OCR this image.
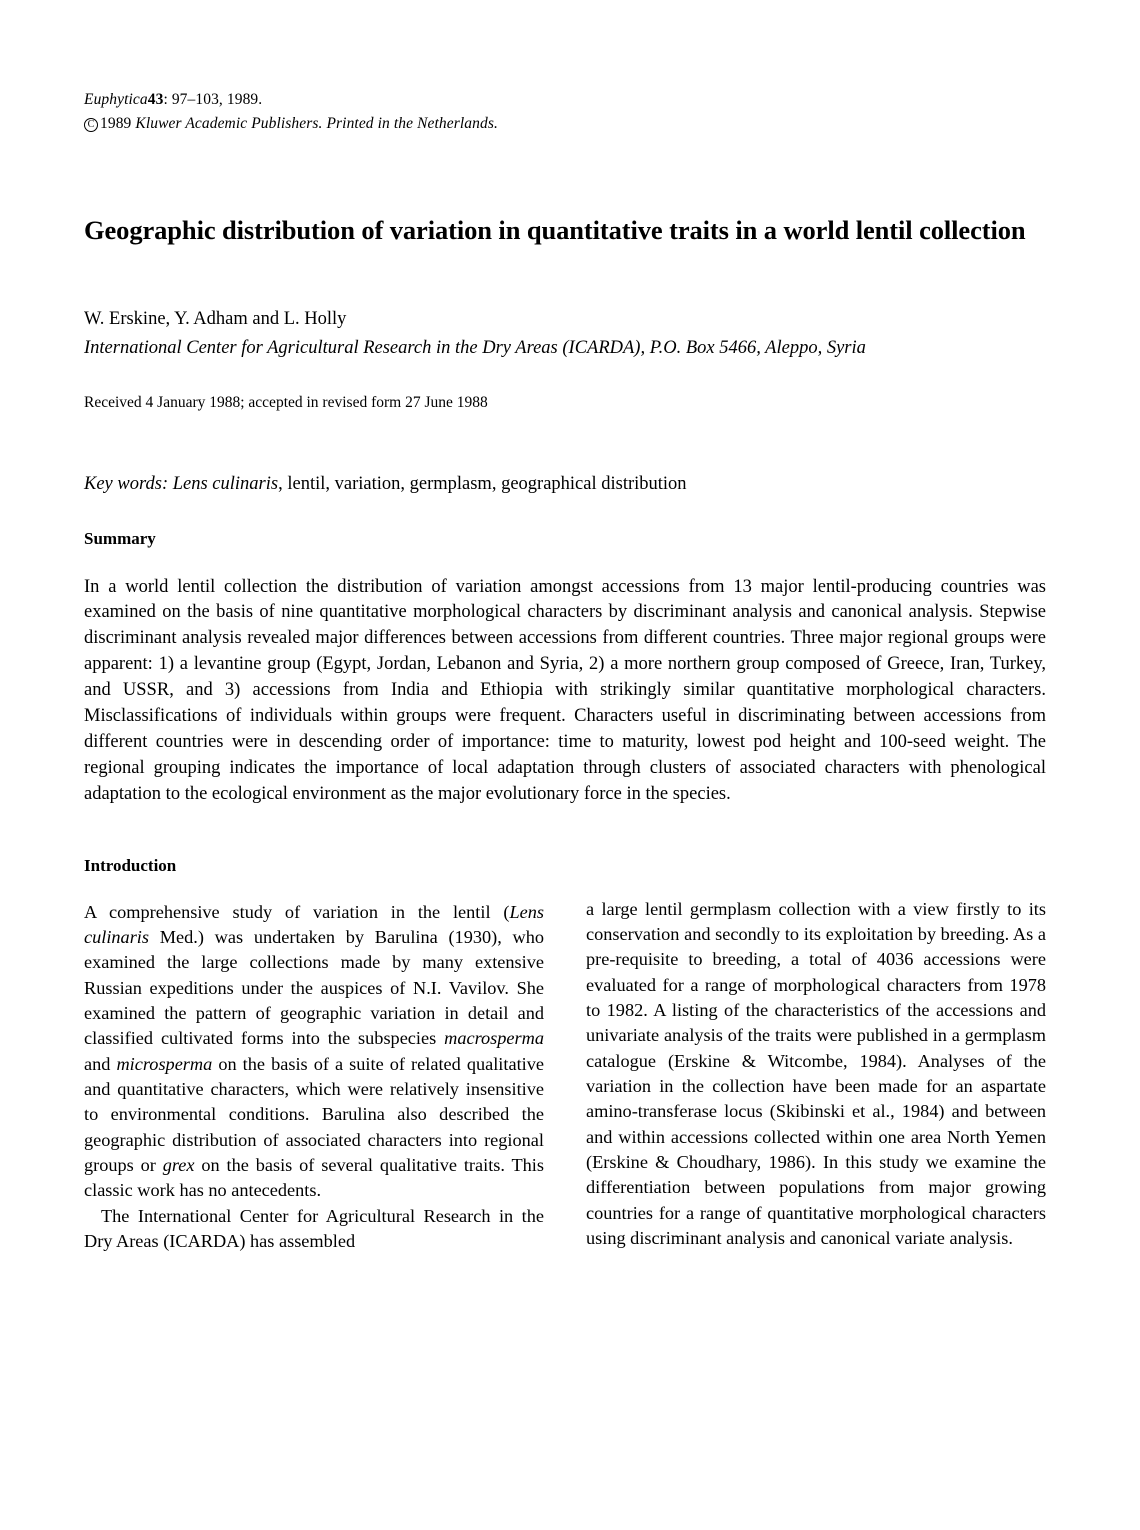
Euphytica43: 97–103, 1989.
C 1989 Kluwer Academic Publishers. Printed in the Netherlands.
Geographic distribution of variation in quantitative traits in a world lentil collection
W. Erskine, Y. Adham and L. Holly
International Center for Agricultural Research in the Dry Areas (ICARDA), P.O. Box 5466, Aleppo, Syria
Received 4 January 1988; accepted in revised form 27 June 1988
Key words: Lens culinaris, lentil, variation, germplasm, geographical distribution
Summary
In a world lentil collection the distribution of variation amongst accessions from 13 major lentil-producing countries was examined on the basis of nine quantitative morphological characters by discriminant analysis and canonical analysis. Stepwise discriminant analysis revealed major differences between accessions from different countries. Three major regional groups were apparent: 1) a levantine group (Egypt, Jordan, Lebanon and Syria, 2) a more northern group composed of Greece, Iran, Turkey, and USSR, and 3) accessions from India and Ethiopia with strikingly similar quantitative morphological characters. Misclassifications of individuals within groups were frequent. Characters useful in discriminating between accessions from different countries were in descending order of importance: time to maturity, lowest pod height and 100-seed weight. The regional grouping indicates the importance of local adaptation through clusters of associated characters with phenological adaptation to the ecological environment as the major evolutionary force in the species.
Introduction

A comprehensive study of variation in the lentil (Lens culinaris Med.) was undertaken by Barulina (1930), who examined the large collections made by many extensive Russian expeditions under the auspices of N.I. Vavilov. She examined the pattern of geographic variation in detail and classified cultivated forms into the subspecies macrosperma and microsperma on the basis of a suite of related qualitative and quantitative characters, which were relatively insensitive to environmental conditions. Barulina also described the geographic distribution of associated characters into regional groups or grex on the basis of several qualitative traits. This classic work has no antecedents.

The International Center for Agricultural Research in the Dry Areas (ICARDA) has assembled

a large lentil germplasm collection with a view firstly to its conservation and secondly to its exploitation by breeding. As a pre-requisite to breeding, a total of 4036 accessions were evaluated for a range of morphological characters from 1978 to 1982. A listing of the characteristics of the accessions and univariate analysis of the traits were published in a germplasm catalogue (Erskine & Witcombe, 1984). Analyses of the variation in the collection have been made for an aspartate amino-transferase locus (Skibinski et al., 1984) and between and within accessions collected within one area North Yemen (Erskine & Choudhary, 1986). In this study we examine the differentiation between populations from major growing countries for a range of quantitative morphological characters using discriminant analysis and canonical variate analysis.
